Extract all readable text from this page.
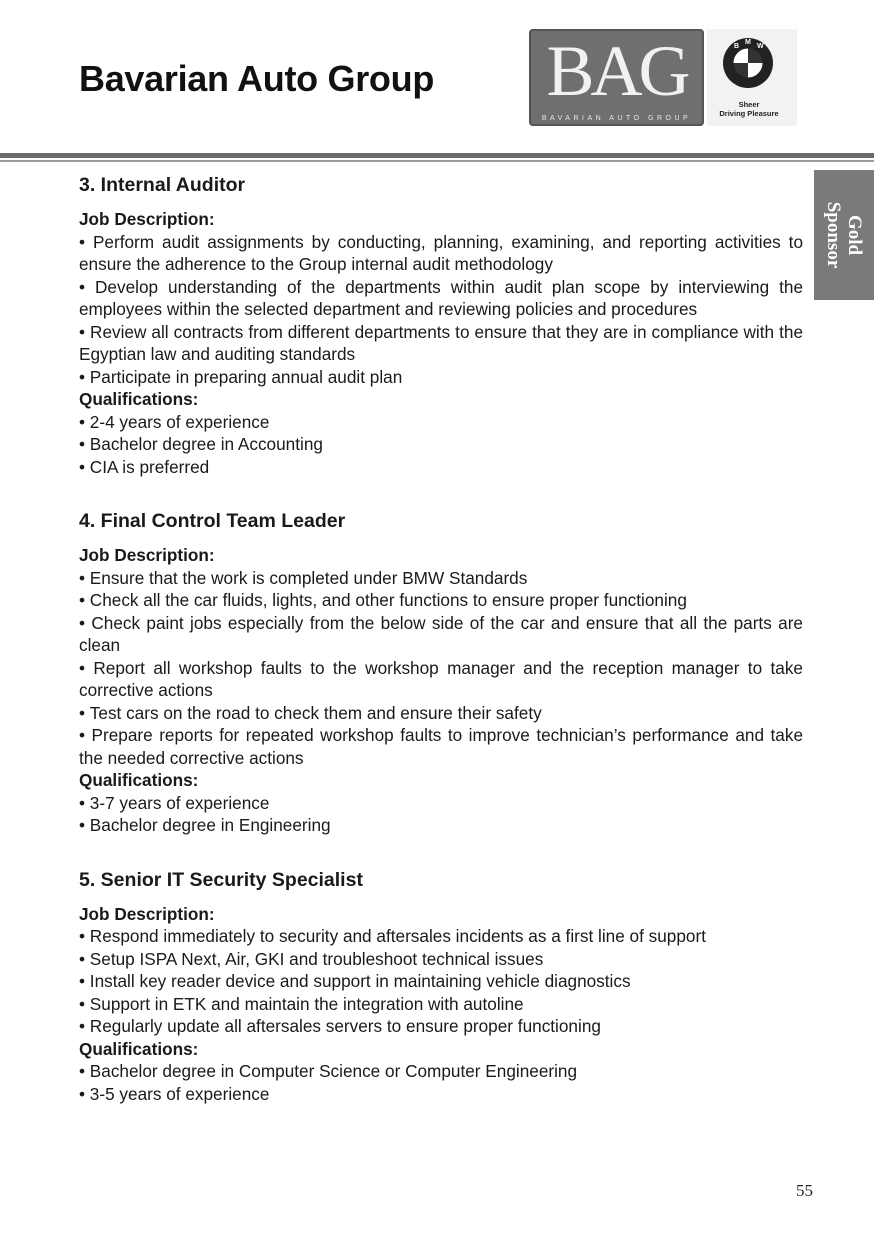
Bavarian Auto Group BAG
BAVARIAN AUTO GROUP
B
M
W
Sheer
Driving Pleasure
Gold
Sponsor
3. Internal Auditor
Job Description:
• Perform audit assignments by conducting, planning, examining, and reporting activities to ensure the adherence to the Group internal audit methodology
• Develop understanding of the departments within audit plan scope by interviewing the employees within the selected department and reviewing policies and procedures
• Review all contracts from different departments to ensure that they are in compliance with the Egyptian law and auditing standards
• Participate in preparing annual audit plan
Qualifications:
• 2-4 years of experience
• Bachelor degree in Accounting
• CIA is preferred
4. Final Control Team Leader
Job Description:
• Ensure that the work is completed under BMW Standards
• Check all the car fluids, lights, and other functions to ensure proper functioning
• Check paint jobs especially from the below side of the car and ensure that all the parts are clean
• Report all workshop faults to the workshop manager and the reception manager to take corrective actions
• Test cars on the road to check them and ensure their safety
• Prepare reports for repeated workshop faults to improve technician’s performance and take the needed corrective actions
Qualifications:
• 3-7 years of experience
• Bachelor degree in Engineering
5. Senior IT Security Specialist
Job Description:
• Respond immediately to security and aftersales incidents as a first line of support
• Setup ISPA Next, Air, GKI and troubleshoot technical issues
• Install key reader device and support in maintaining vehicle diagnostics
• Support in ETK and maintain the integration with autoline
• Regularly update all aftersales servers to ensure proper functioning
Qualifications:
• Bachelor degree in Computer Science or Computer Engineering
• 3-5 years of experience
55
